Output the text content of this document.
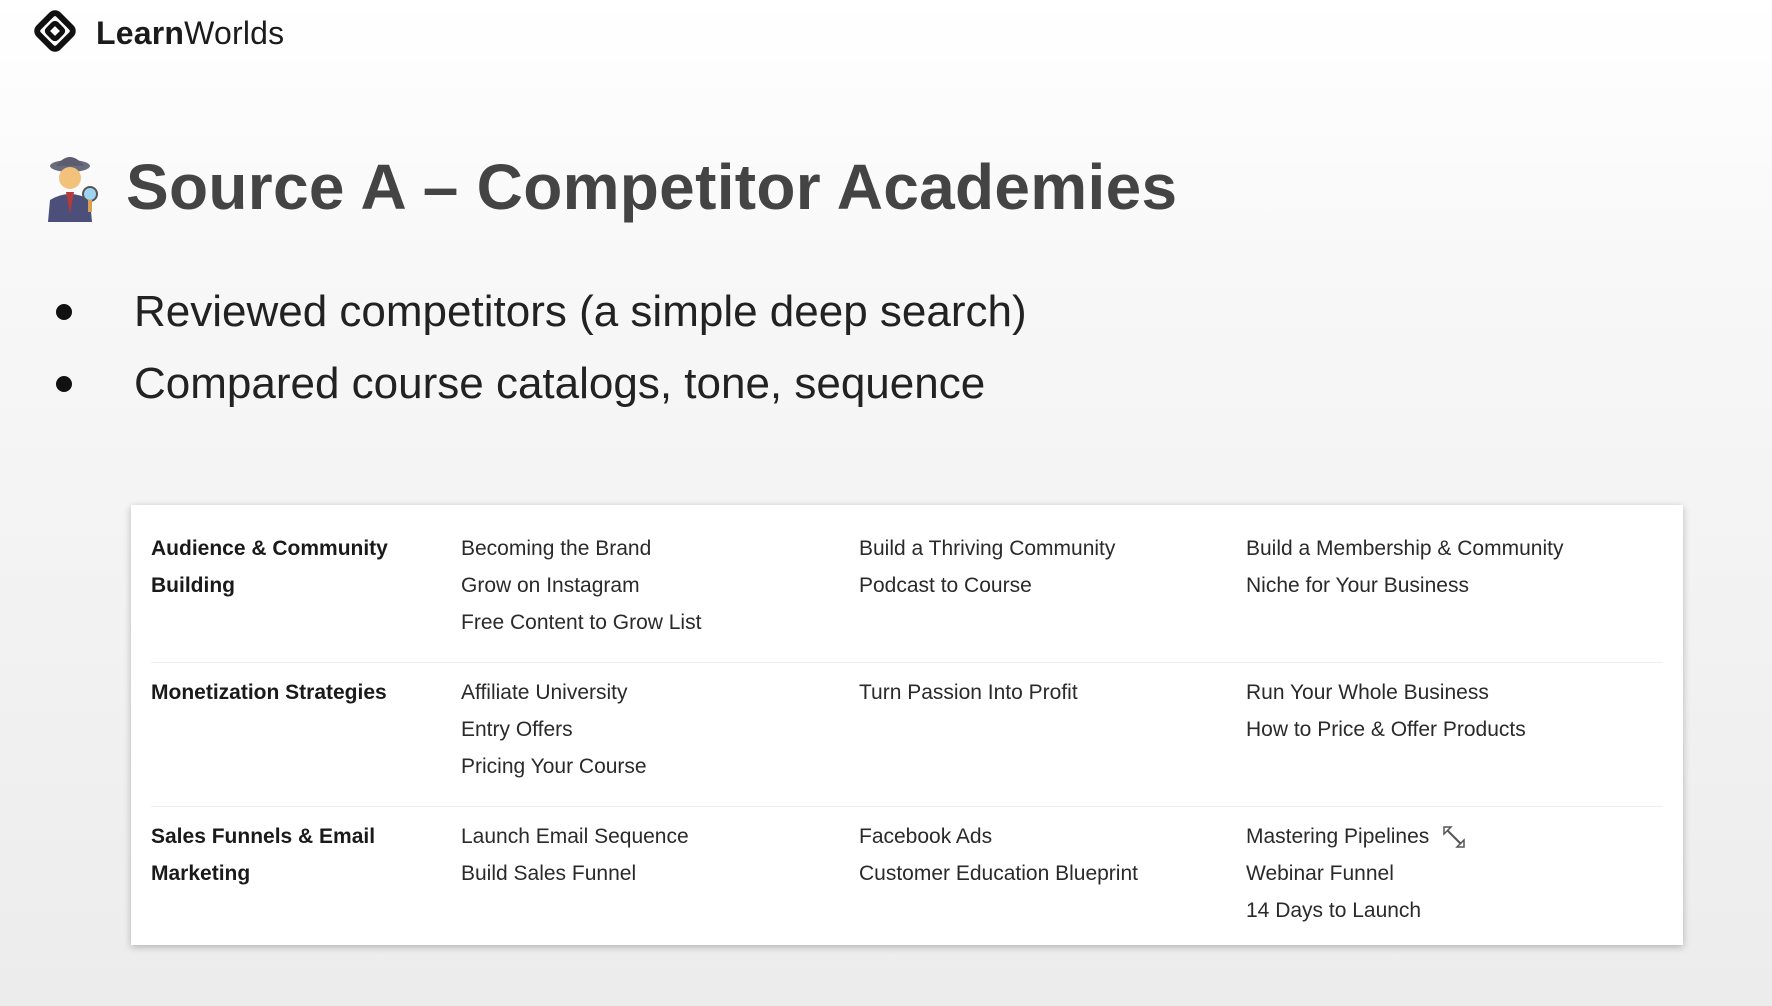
LearnWorlds
Source A – Competitor Academies
Reviewed competitors (a simple deep search)
Compared course catalogs, tone, sequence
Audience & Community Building
Becoming the Brand
Grow on Instagram
Free Content to Grow List
Build a Thriving Community
Podcast to Course
Build a Membership & Community
Niche for Your Business
Monetization Strategies	Affiliate University
Entry Offers
Pricing Your Course
Turn Passion Into Profit	Run Your Whole Business
How to Price & Offer Products
Sales Funnels & Email Marketing
Launch Email Sequence
Build Sales Funnel
Facebook Ads
Customer Education Blueprint
Mastering Pipelines
Webinar Funnel
14 Days to Launch
